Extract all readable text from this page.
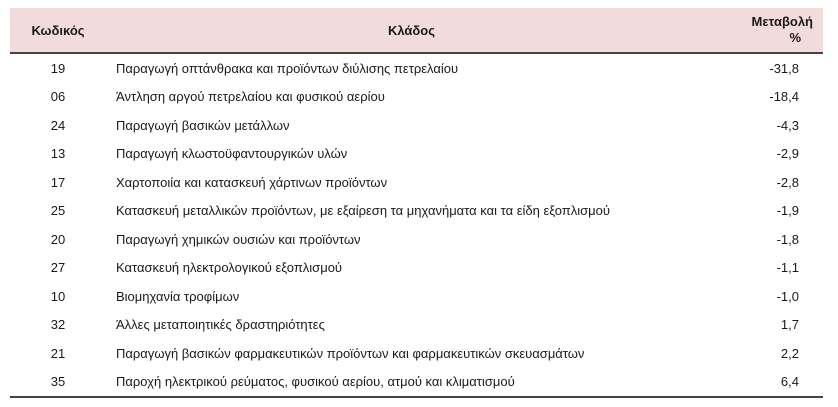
Κωδικός	Κλάδος	Μεταβολή
%
19	Παραγωγή οπτάνθρακα και προϊόντων διύλισης πετρελαίου	-31,8
06	Άντληση αργού πετρελαίου και φυσικού αερίου	-18,4
24	Παραγωγή βασικών μετάλλων	-4,3
13	Παραγωγή κλωστοϋφαντουργικών υλών	-2,9
17	Χαρτοποιία και κατασκευή χάρτινων προϊόντων	-2,8
25	Κατασκευή μεταλλικών προϊόντων, με εξαίρεση τα μηχανήματα και τα είδη εξοπλισμού	-1,9
20	Παραγωγή χημικών ουσιών και προϊόντων	-1,8
27	Κατασκευή ηλεκτρολογικού εξοπλισμού	-1,1
10	Βιομηχανία τροφίμων	-1,0
32	Άλλες μεταποιητικές δραστηριότητες	1,7
21	Παραγωγή βασικών φαρμακευτικών προϊόντων και φαρμακευτικών σκευασμάτων	2,2
35	Παροχή ηλεκτρικού ρεύματος, φυσικού αερίου, ατμού και κλιματισμού	6,4
